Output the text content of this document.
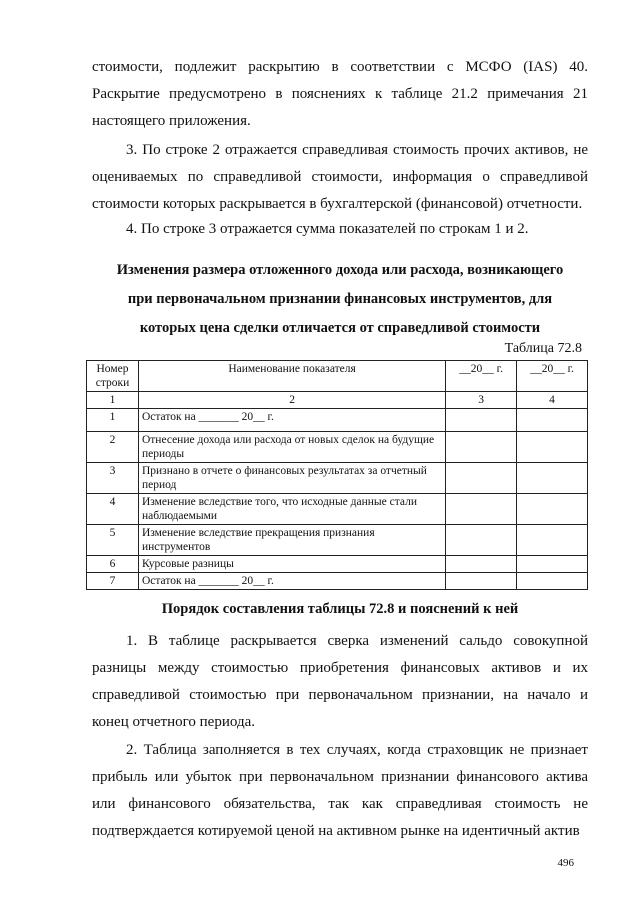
стоимости, подлежит раскрытию в соответствии с МСФО (IAS) 40.
Раскрытие предусмотрено в пояснениях к таблице 21.2 примечания 21
настоящего приложения.
3. По строке 2 отражается справедливая стоимость прочих активов, не оцениваемых по справедливой стоимости, информация о справедливой стоимости которых раскрывается в бухгалтерской (финансовой) отчетности.
4. По строке 3 отражается сумма показателей по строкам 1 и 2.
Изменения размера отложенного дохода или расхода, возникающего
при первоначальном признании финансовых инструментов, для
которых цена сделки отличается от справедливой стоимости
Таблица 72.8
Номер строки	Наименование показателя	__20__ г.	__20__ г.
1	2	3	4
1	Остаток на _______ 20__ г.		
2	Отнесение дохода или расхода от новых сделок на будущие периоды		
3	Признано в отчете о финансовых результатах за отчетный период		
4	Изменение вследствие того, что исходные данные стали наблюдаемыми		
5	Изменение вследствие прекращения признания инструментов		
6	Курсовые разницы		
7	Остаток на _______ 20__ г.		
Порядок составления таблицы 72.8 и пояснений к ней
1. В таблице раскрывается сверка изменений сальдо совокупной разницы между стоимостью приобретения финансовых активов и их справедливой стоимостью при первоначальном признании, на начало и конец отчетного периода.
2. Таблица заполняется в тех случаях, когда страховщик не признает прибыль или убыток при первоначальном признании финансового актива или финансового обязательства, так как справедливая стоимость не подтверждается котируемой ценой на активном рынке на идентичный актив
496
